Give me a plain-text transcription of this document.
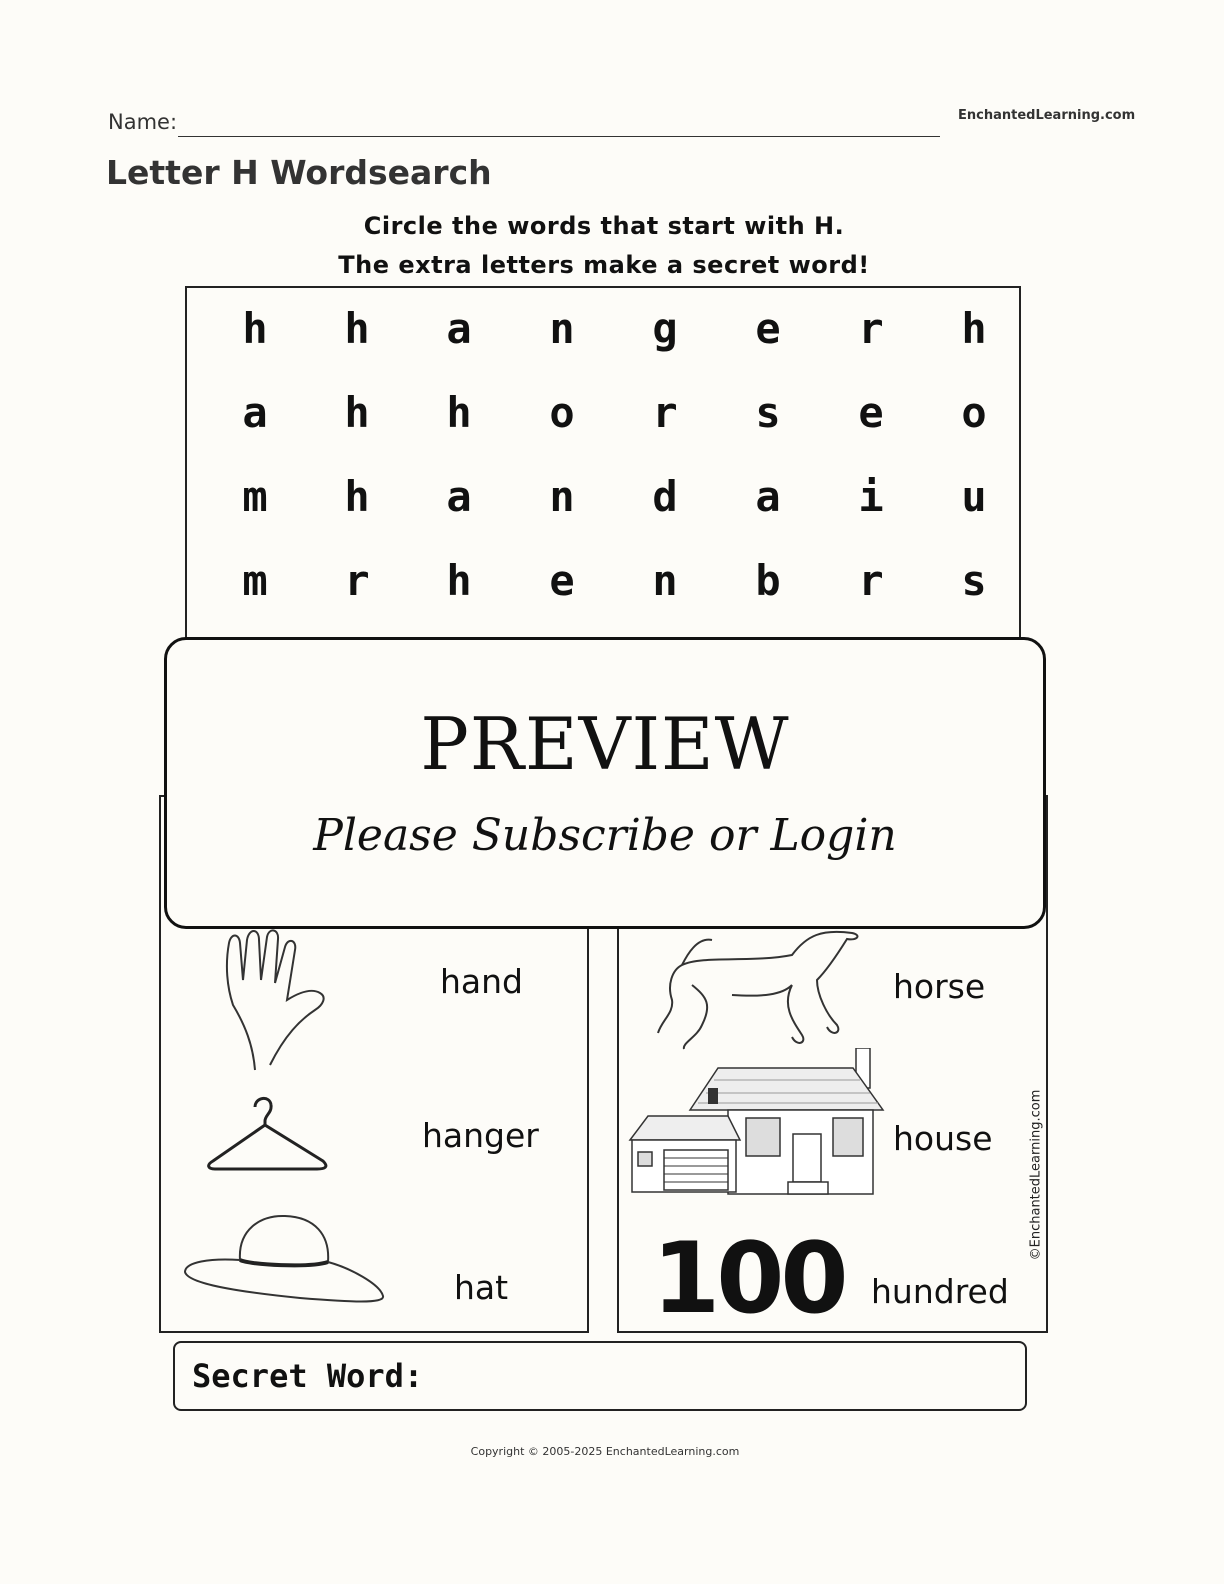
Name:	EnchantedLearning.com
Letter H Wordsearch
Circle the words that start with H.
The extra letters make a secret word!
h	h	a	n	g	e	r	h
a	h	h	o	r	s	e	o
m	h	a	n	d	a	i	u
m	r	h	e	n	b	r	s
hand
hanger
hat 100
horse
house
hundred
©EnchantedLearning.com
PREVIEW
Please Subscribe or Login
Secret Word:
Copyright © 2005-2025 EnchantedLearning.com
